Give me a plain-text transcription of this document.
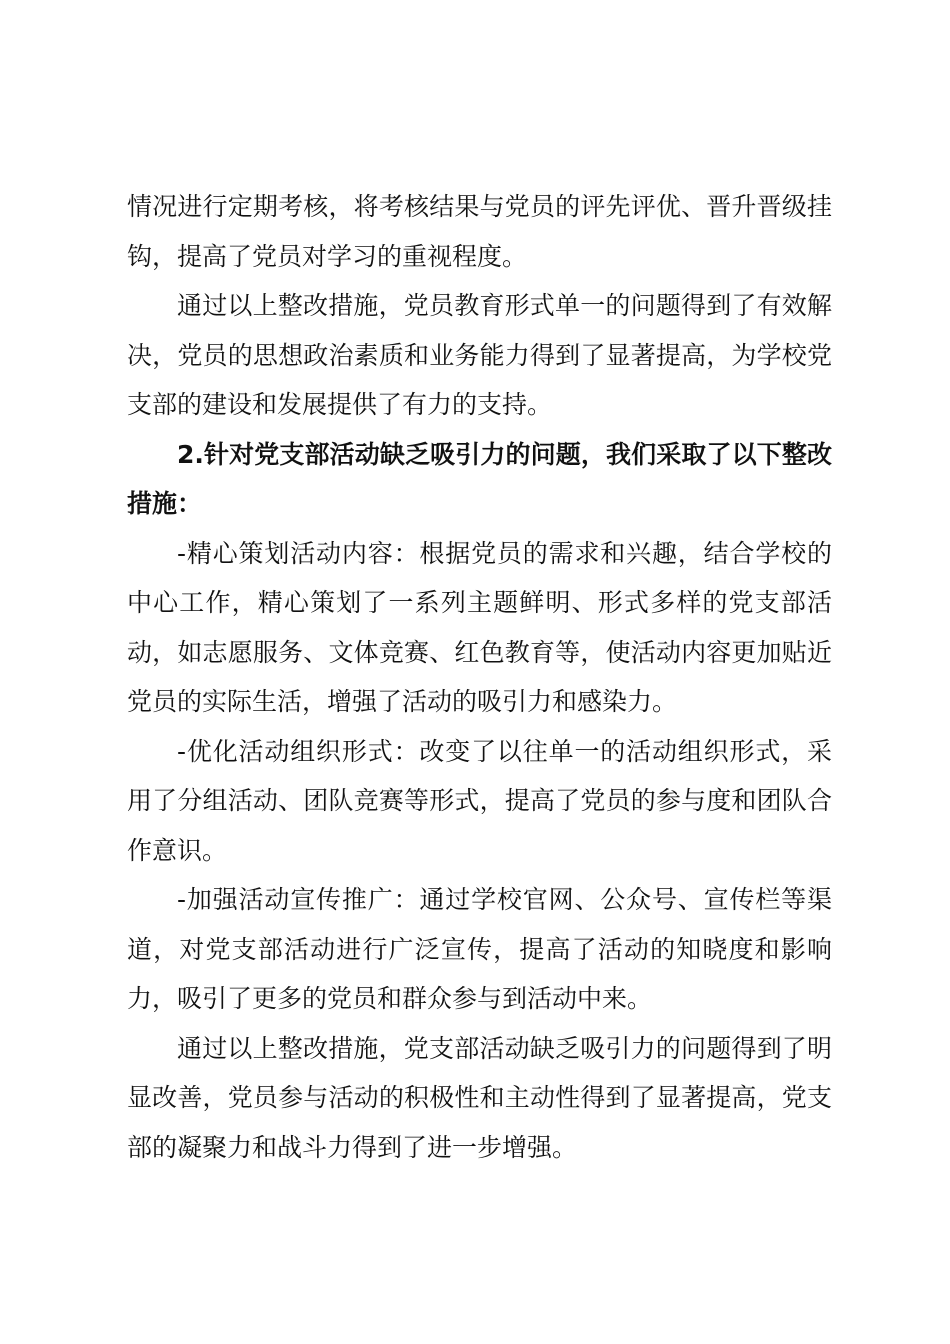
情况进行定期考核，将考核结果与党员的评先评优、晋升晋级挂钩，提高了党员对学习的重视程度。

通过以上整改措施，党员教育形式单一的问题得到了有效解决，党员的思想政治素质和业务能力得到了显著提高，为学校党支部的建设和发展提供了有力的支持。

2.针对党支部活动缺乏吸引力的问题，我们采取了以下整改措施：

-精心策划活动内容：根据党员的需求和兴趣，结合学校的中心工作，精心策划了一系列主题鲜明、形式多样的党支部活动，如志愿服务、文体竞赛、红色教育等，使活动内容更加贴近党员的实际生活，增强了活动的吸引力和感染力。

-优化活动组织形式：改变了以往单一的活动组织形式，采用了分组活动、团队竞赛等形式，提高了党员的参与度和团队合作意识。

-加强活动宣传推广：通过学校官网、公众号、宣传栏等渠道，对党支部活动进行广泛宣传，提高了活动的知晓度和影响力，吸引了更多的党员和群众参与到活动中来。

通过以上整改措施，党支部活动缺乏吸引力的问题得到了明显改善，党员参与活动的积极性和主动性得到了显著提高，党支部的凝聚力和战斗力得到了进一步增强。
